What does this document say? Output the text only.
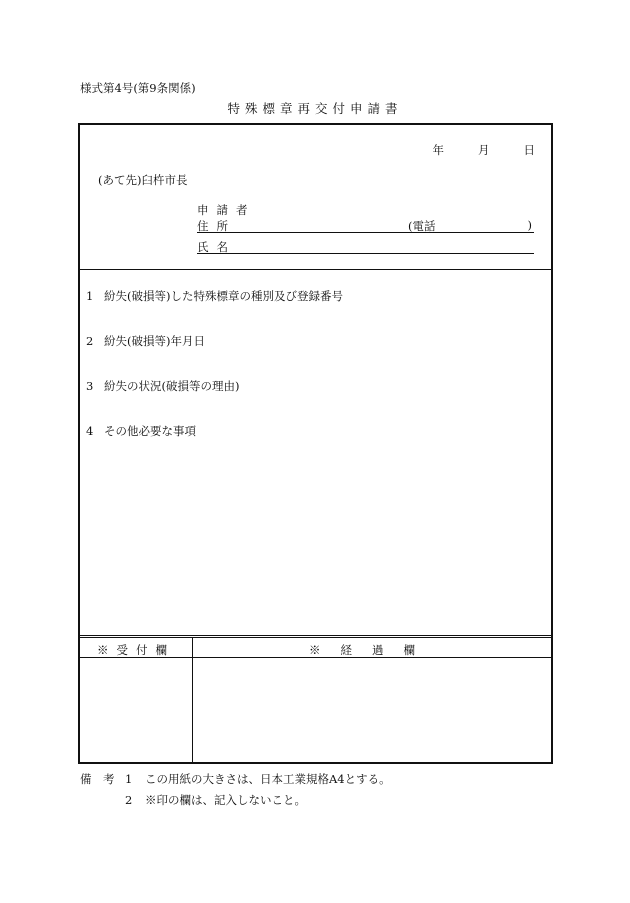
様式第4号(第9条関係)
特殊標章再交付申請書
年	月	日
(あて先)臼杵市長
申請者
住所	(電話	)
氏名
1 紛失(破損等)した特殊標章の種別及び登録番号
2 紛失(破損等)年月日
3 紛失の状況(破損等の理由)
4 その他必要な事項
※受付欄	※経過欄
備　考 1 この用紙の大きさは、日本工業規格A4とする。
2 ※印の欄は、記入しないこと。
